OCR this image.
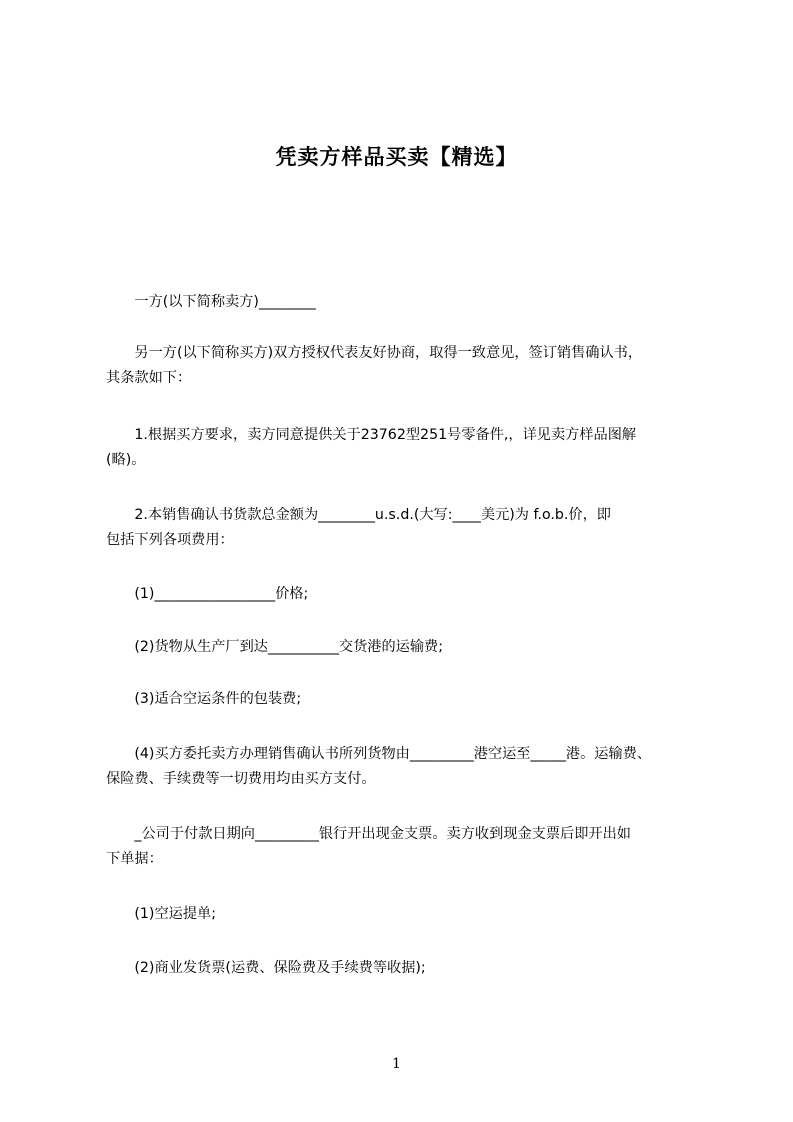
凭卖方样品买卖【精选】
　　一方(以下简称卖方)________
　　另一方(以下简称买方)双方授权代表友好协商，取得一致意见，签订销售确认书，
其条款如下：
　　1.根据买方要求，卖方同意提供关于23762型251号零备件,，详见卖方样品图解
(略)。
　　2.本销售确认书货款总金额为________u.s.d.(大写:____美元)为 f.o.b.价，即
包括下列各项费用：
　　(1)_________________价格;
　　(2)货物从生产厂到达__________交货港的运输费;
　　(3)适合空运条件的包装费;
　　(4)买方委托卖方办理销售确认书所列货物由_________港空运至_____港。运输费、
保险费、手续费等一切费用均由买方支付。
　　_公司于付款日期向_________银行开出现金支票。卖方收到现金支票后即开出如
下单据：
　　(1)空运提单;
　　(2)商业发货票(运费、保险费及手续费等收据);
1
